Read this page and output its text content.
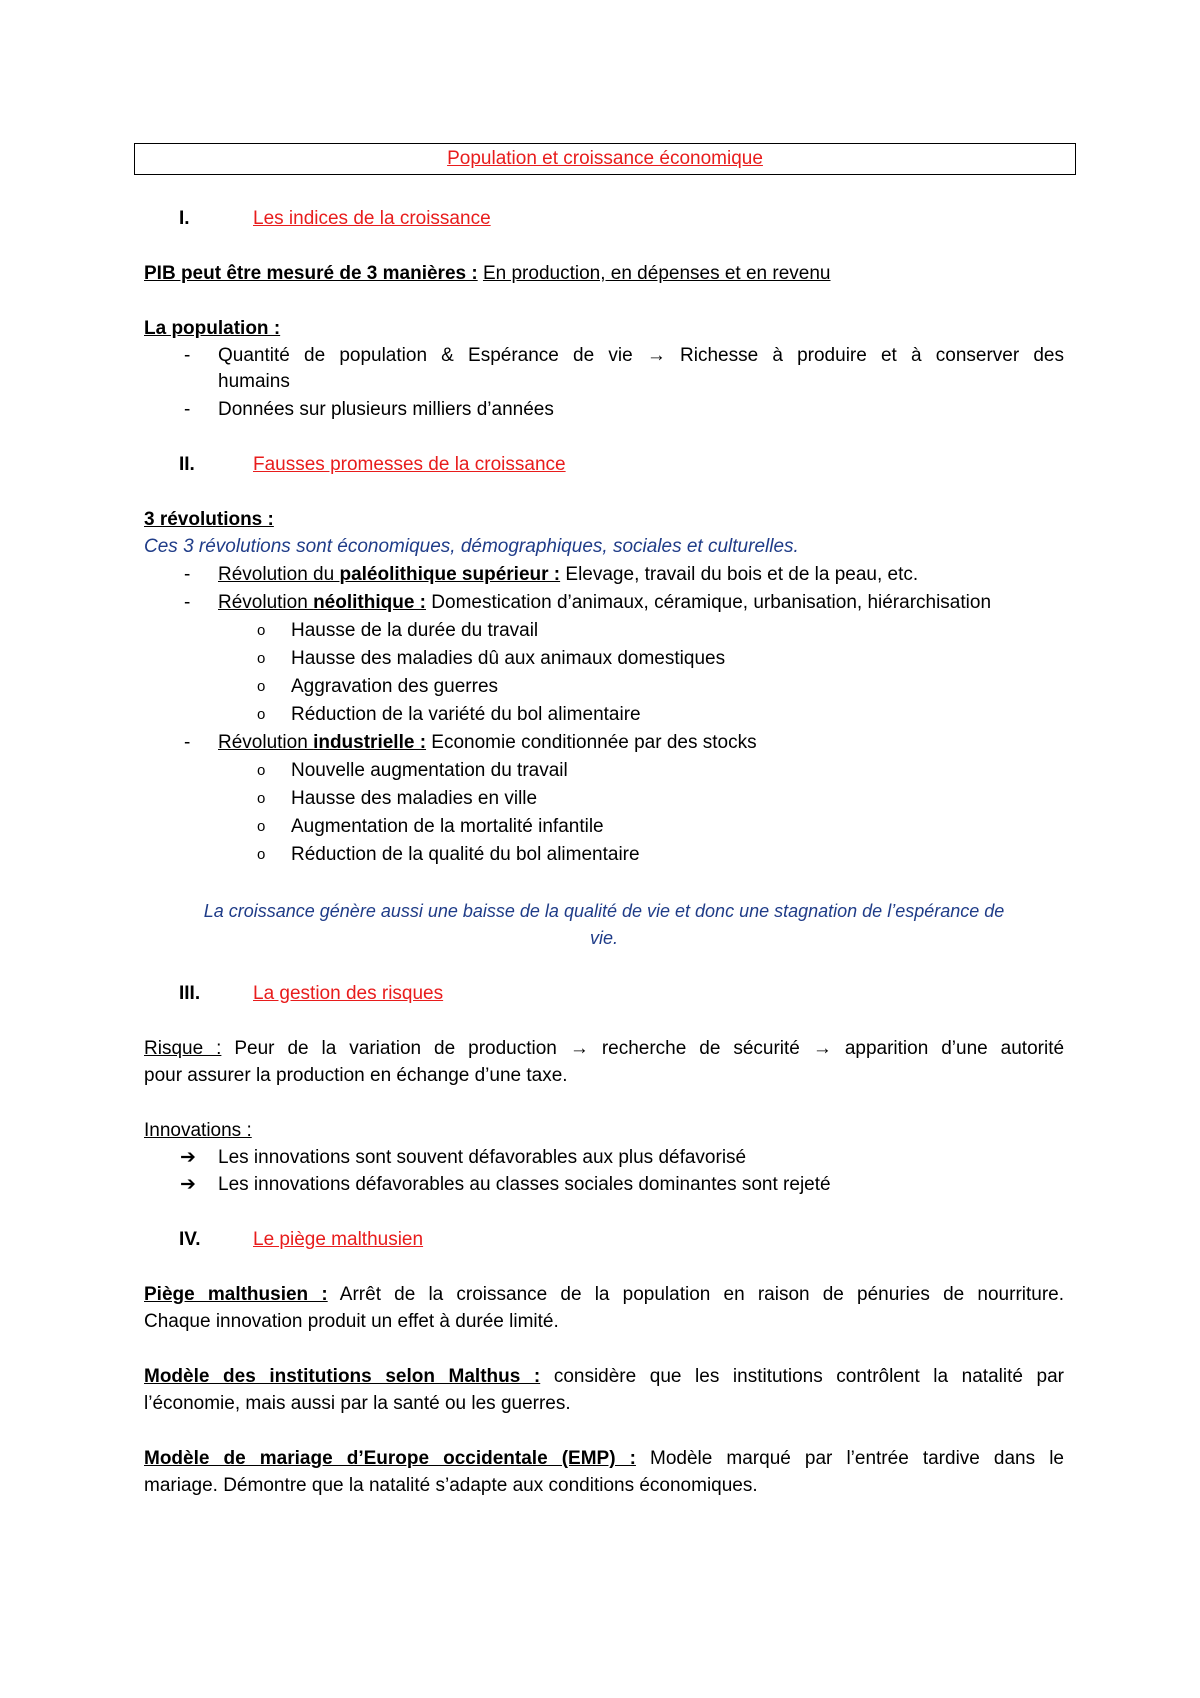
Population et croissance économique
I.	Les indices de la croissance
PIB peut être mesuré de 3 manières : En production, en dépenses et en revenu
La population :
-	Quantité de population & Espérance de vie → Richesse à produire et à conserver des
humains
-	Données sur plusieurs milliers d’années
II.	Fausses promesses de la croissance
3 révolutions :
Ces 3 révolutions sont économiques, démographiques, sociales et culturelles.
-	Révolution du paléolithique supérieur : Elevage, travail du bois et de la peau, etc.
-	Révolution néolithique : Domestication d’animaux, céramique, urbanisation, hiérarchisation
o	Hausse de la durée du travail
o	Hausse des maladies dû aux animaux domestiques
o	Aggravation des guerres
o	Réduction de la variété du bol alimentaire
-	Révolution industrielle : Economie conditionnée par des stocks
o	Nouvelle augmentation du travail
o	Hausse des maladies en ville
o	Augmentation de la mortalité infantile
o	Réduction de la qualité du bol alimentaire
La croissance génère aussi une baisse de la qualité de vie et donc une stagnation de l’espérance de
vie.
III.	La gestion des risques
Risque : Peur de la variation de production → recherche de sécurité → apparition d’une autorité
pour assurer la production en échange d’une taxe.
Innovations :
➔	Les innovations sont souvent défavorables aux plus défavorisé
➔	Les innovations défavorables au classes sociales dominantes sont rejeté
IV.	Le piège malthusien
Piège malthusien : Arrêt de la croissance de la population en raison de pénuries de nourriture.
Chaque innovation produit un effet à durée limité.
Modèle des institutions selon Malthus : considère que les institutions contrôlent la natalité par
l’économie, mais aussi par la santé ou les guerres.
Modèle de mariage d’Europe occidentale (EMP) : Modèle marqué par l’entrée tardive dans le
mariage. Démontre que la natalité s’adapte aux conditions économiques.
